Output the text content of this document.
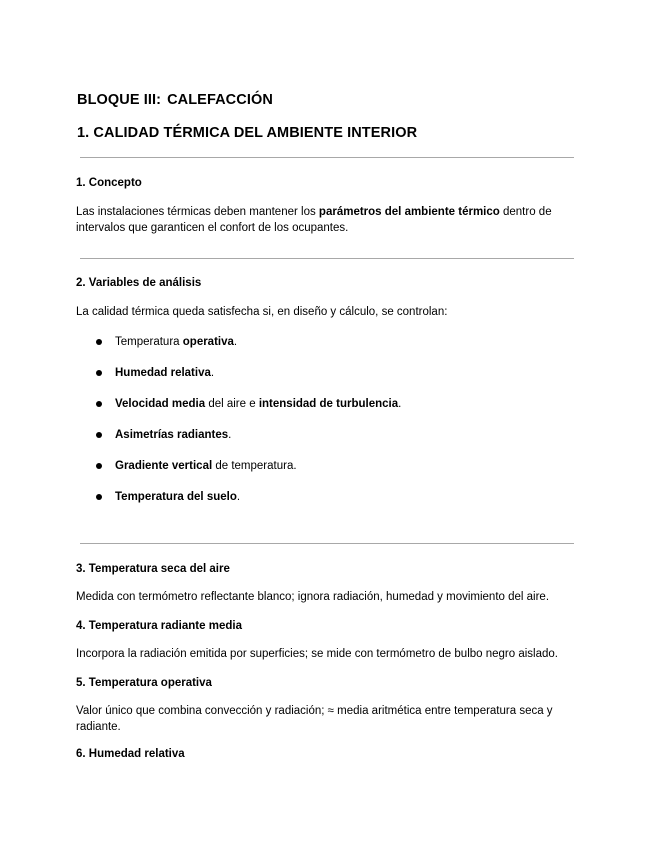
BLOQUE III: CALEFACCIÓN
1. CALIDAD TÉRMICA DEL AMBIENTE INTERIOR
1. Concepto
Las instalaciones térmicas deben mantener los parámetros del ambiente térmico dentro de intervalos que garanticen el confort de los ocupantes.
2. Variables de análisis
La calidad térmica queda satisfecha si, en diseño y cálculo, se controlan:
Temperatura operativa.
Humedad relativa.
Velocidad media del aire e intensidad de turbulencia.
Asimetrías radiantes.
Gradiente vertical de temperatura.
Temperatura del suelo.
3. Temperatura seca del aire
Medida con termómetro reflectante blanco; ignora radiación, humedad y movimiento del aire.
4. Temperatura radiante media
Incorpora la radiación emitida por superficies; se mide con termómetro de bulbo negro aislado.
5. Temperatura operativa
Valor único que combina convección y radiación; ≈ media aritmética entre temperatura seca y radiante.
6. Humedad relativa
